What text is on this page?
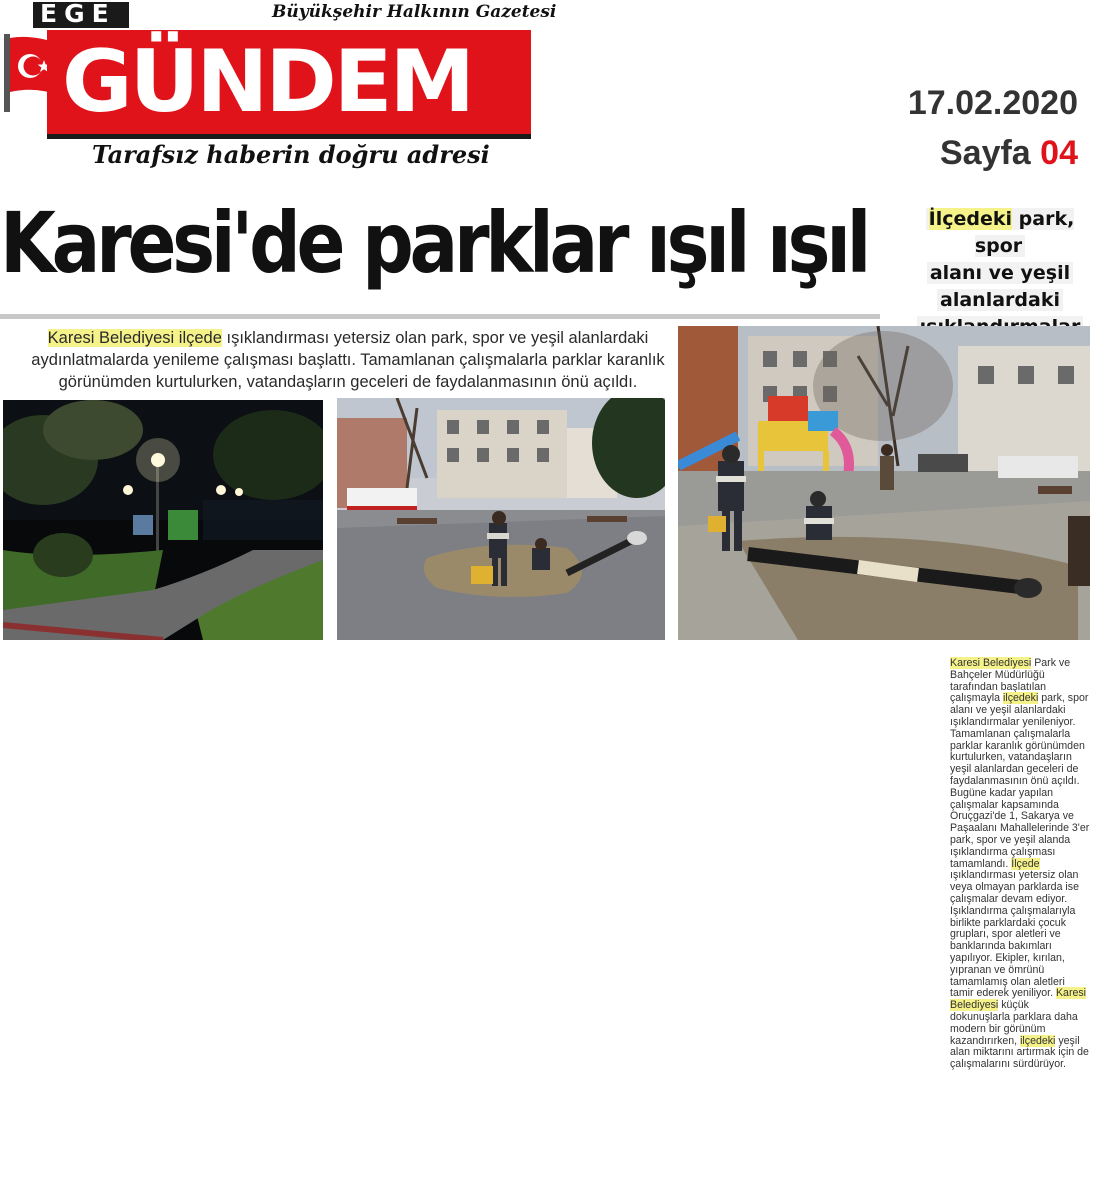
EGE	Büyükşehir Halkının Gazetesi
GÜNDEM
Tarafsız haberin doğru adresi
17.02.2020
Sayfa 04
Karesi'de parklar ışıl ışıl	İlçedeki park, spor
alanı ve yeşil
alanlardaki
Karesi Belediyesi ilçede ışıklandırması yetersiz olan park, spor ve yeşil alanlardaki aydınlatmalarda yenileme çalışması başlattı. Tamamlanan çalışmalarla parklar karanlık görünümden kurtulurken, vatandaşların geceleri de faydalanmasının önü açıldı.

Karesi Belediyesi Park ve Bahçeler Müdürlüğü tarafından başlatılan çalışmayla ilçedeki park, spor alanı ve yeşil alanlardaki ışıklandırmalar yenileniyor. Tamamlanan çalışmalarla parklar karanlık görünümden kurtulurken, vatandaşların yeşil alanlardan geceleri de faydalanmasının önü açıldı. Bugüne kadar yapılan çalışmalar kapsamında Oruçgazi'de 1, Sakarya ve Paşaalanı Mahallelerinde 3'er park, spor ve yeşil alanda ışıklandırma çalışması tamamlandı. İlçede ışıklandırması yetersiz olan veya olmayan parklarda ise çalışmalar devam ediyor. Işıklandırma çalışmalarıyla birlikte parklardaki çocuk grupları, spor aletleri ve banklarında bakımları yapılıyor. Ekipler, kırılan, yıpranan ve ömrünü tamamlamış olan aletleri tamir ederek yeniliyor. Karesi Belediyesi küçük dokunuşlarla parklara daha modern bir görünüm kazandırırken, ilçedeki yeşil alan miktarını artırmak için de çalışmalarını sürdürüyor.
